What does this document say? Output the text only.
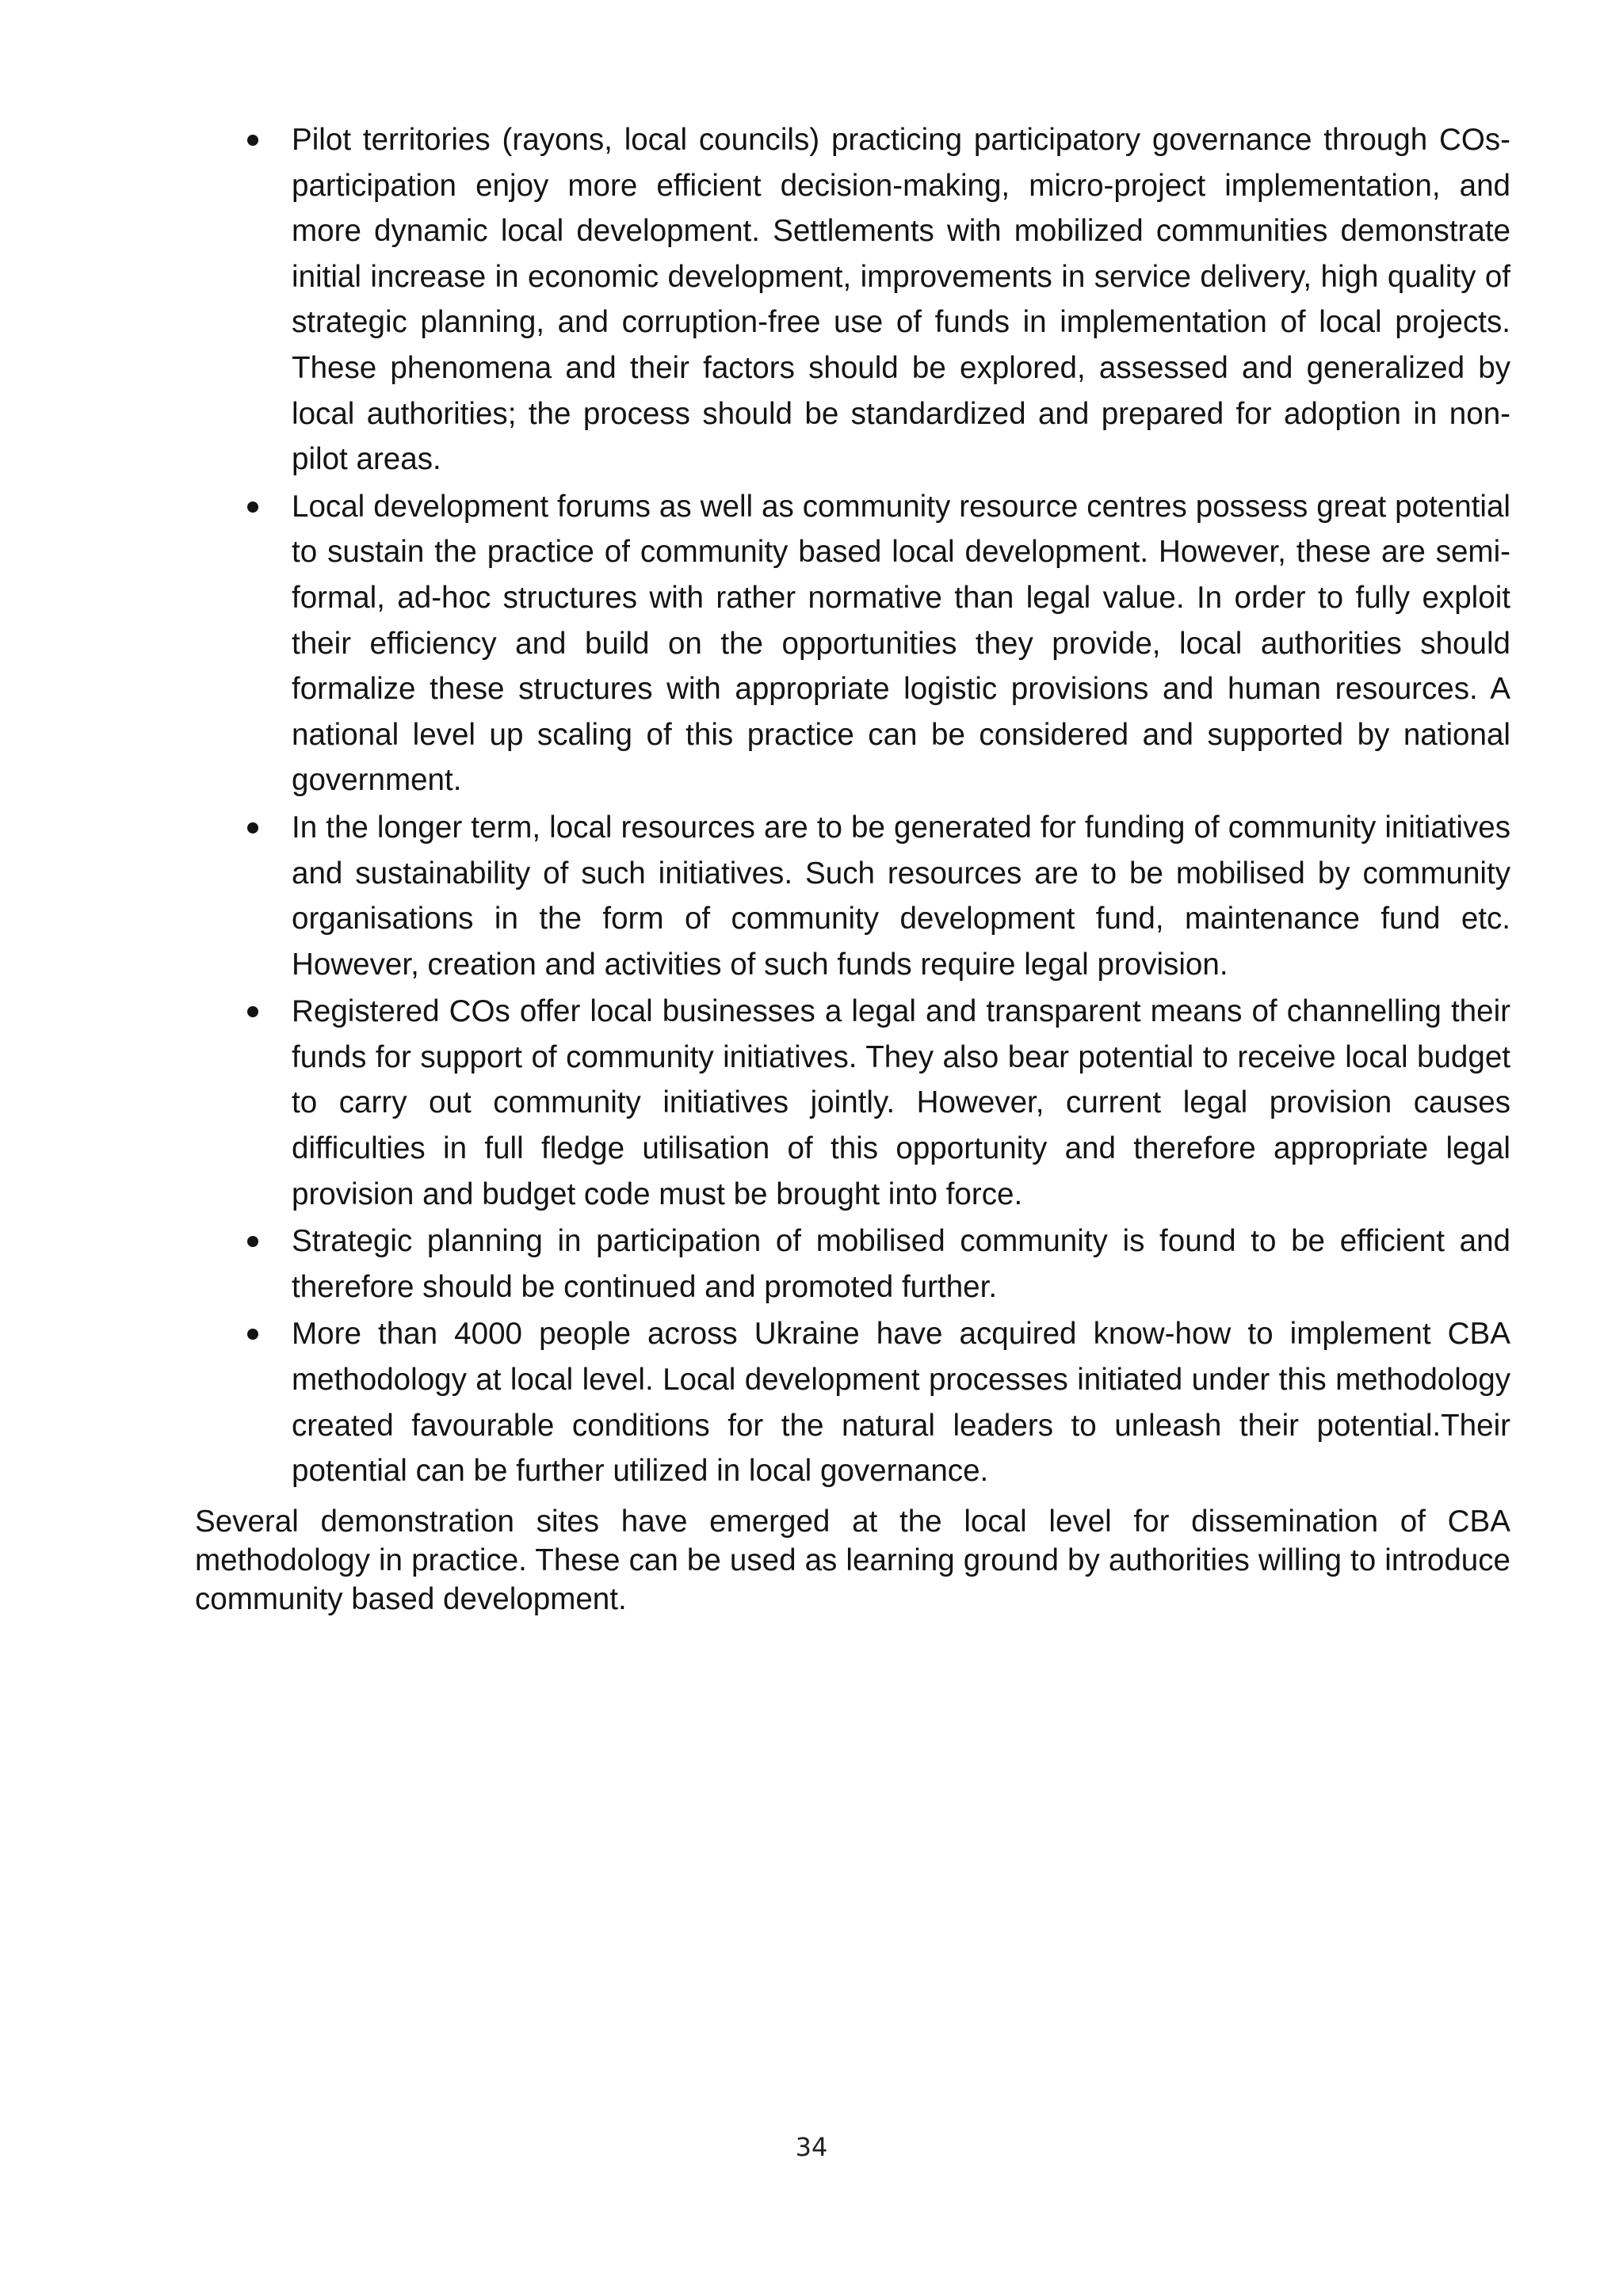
Pilot territories (rayons, local councils) practicing participatory governance through COs-participation enjoy more efficient decision-making, micro-project implementation, and more dynamic local development. Settlements with mobilized communities demonstrate initial increase in economic development, improvements in service delivery, high quality of strategic planning, and corruption-free use of funds in implementation of local projects. These phenomena and their factors should be explored, assessed and generalized by local authorities; the process should be standardized and prepared for adoption in non-pilot areas.
Local development forums as well as community resource centres possess great potential to sustain the practice of community based local development. However, these are semi-formal, ad-hoc structures with rather normative than legal value. In order to fully exploit their efficiency and build on the opportunities they provide, local authorities should formalize these structures with appropriate logistic provisions and human resources. A national level up scaling of this practice can be considered and supported by national government.
In the longer term, local resources are to be generated for funding of community initiatives and sustainability of such initiatives. Such resources are to be mobilised by community organisations in the form of community development fund, maintenance fund etc. However, creation and activities of such funds require legal provision.
Registered COs offer local businesses a legal and transparent means of channelling their funds for support of community initiatives. They also bear potential to receive local budget to carry out community initiatives jointly. However, current legal provision causes difficulties in full fledge utilisation of this opportunity and therefore appropriate legal provision and budget code must be brought into force.
Strategic planning in participation of mobilised community is found to be efficient and therefore should be continued and promoted further.
More than 4000 people across Ukraine have acquired know-how to implement CBA methodology at local level. Local development processes initiated under this methodology created favourable conditions for the natural leaders to unleash their potential.Their potential can be further utilized in local governance.

Several demonstration sites have emerged at the local level for dissemination of CBA methodology in practice. These can be used as learning ground by authorities willing to introduce community based development.

34
